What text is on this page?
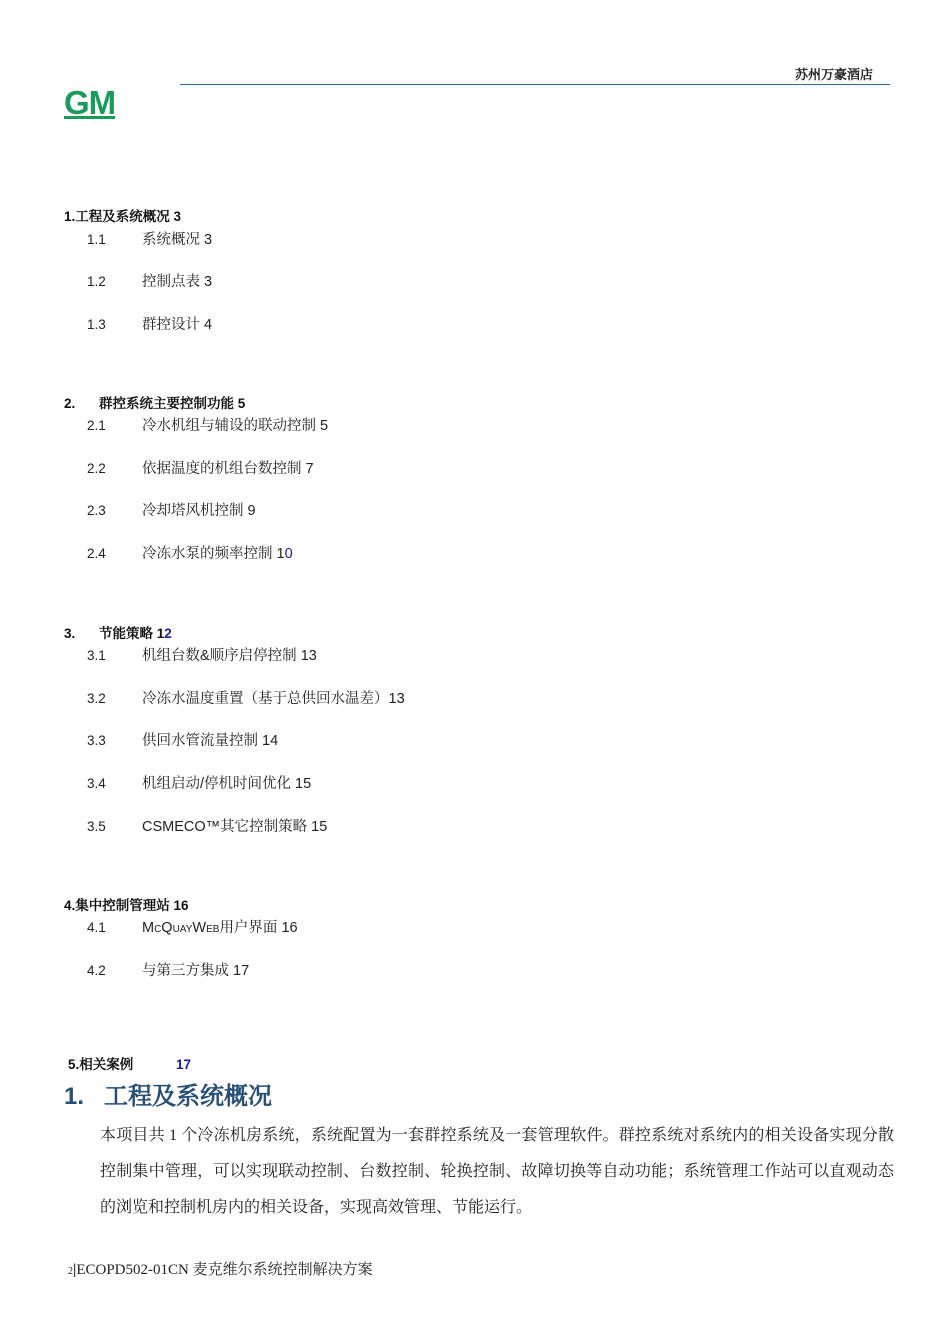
苏州万豪酒店
GM
1.工程及系统概况 3
1.1 系统概况 3
1.2 控制点表 3
1.3 群控设计 4
2. 群控系统主要控制功能 5
2.1 冷水机组与辅设的联动控制 5
2.2 依据温度的机组台数控制 7
2.3 冷却塔风机控制 9
2.4 冷冻水泵的频率控制 10
3. 节能策略 12
3.1 机组台数&顺序启停控制 13
3.2 冷冻水温度重置（基于总供回水温差）13
3.3 供回水管流量控制 14
3.4 机组启动/停机时间优化 15
3.5 CSMECO™其它控制策略 15
4.集中控制管理站 16
4.1 McQuayWeb用户界面 16
4.2 与第三方集成 17
5.相关案例	17
1. 工程及系统概况
本项目共 1 个冷冻机房系统，系统配置为一套群控系统及一套管理软件。群控系统对系统内的相关设备实现分散控制集中管理，可以实现联动控制、台数控制、轮换控制、故障切换等自动功能；系统管理工作站可以直观动态的浏览和控制机房内的相关设备，实现高效管理、节能运行。
2|ECOPD502-01CN 麦克维尔系统控制解决方案
